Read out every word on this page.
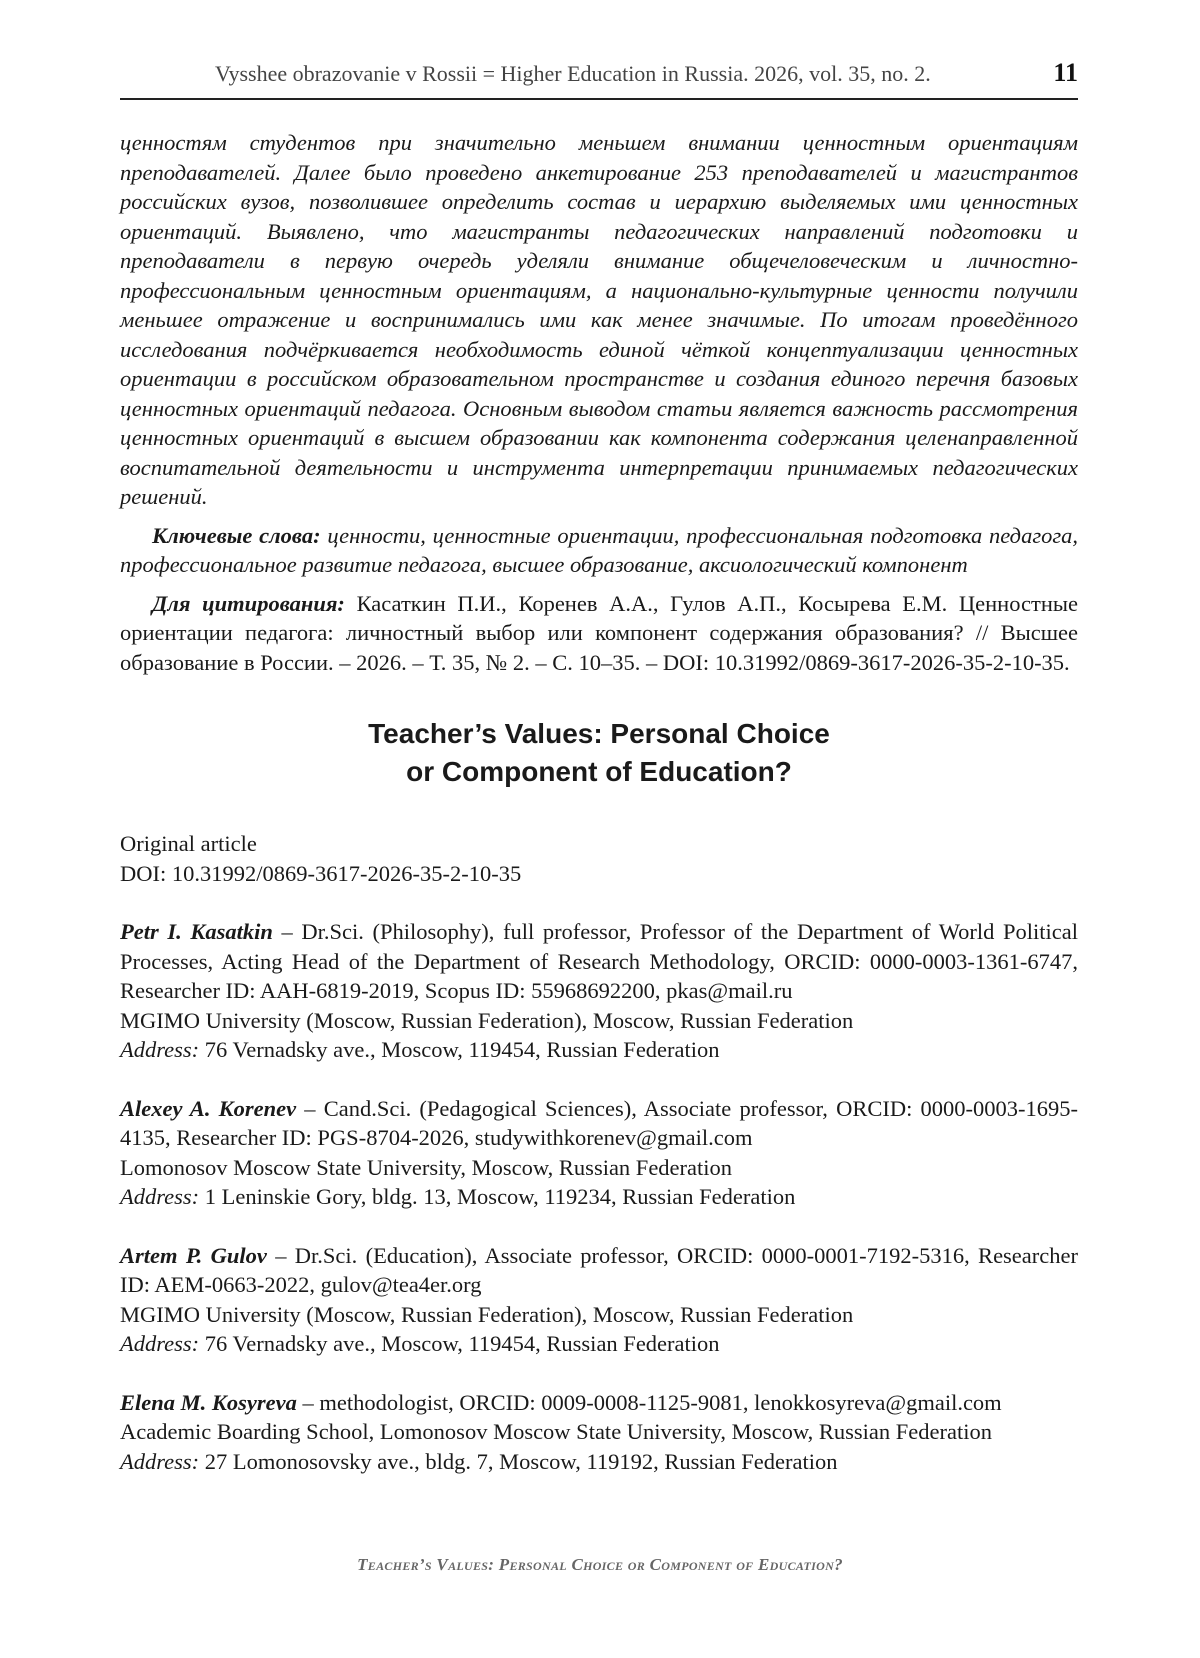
Vysshee obrazovanie v Rossii = Higher Education in Russia. 2026, vol. 35, no. 2.	11

ценностям студентов при значительно меньшем внимании ценностным ориентациям преподавателей. Далее было проведено анкетирование 253 преподавателей и магистрантов российских вузов, позволившее определить состав и иерархию выделяемых ими ценностных ориентаций. Выявлено, что магистранты педагогических направлений подготовки и преподаватели в первую очередь уделяли внимание общечеловеческим и личностно-профессиональным ценностным ориентациям, а национально-культурные ценности получили меньшее отражение и воспринимались ими как менее значимые. По итогам проведённого исследования подчёркивается необходимость единой чёткой концептуализации ценностных ориентации в российском образовательном пространстве и создания единого перечня базовых ценностных ориентаций педагога. Основным выводом статьи является важность рассмотрения ценностных ориентаций в высшем образовании как компонента содержания целенаправленной воспитательной деятельности и инструмента интерпретации принимаемых педагогических решений.

Ключевые слова: ценности, ценностные ориентации, профессиональная подготовка педагога, профессиональное развитие педагога, высшее образование, аксиологический компонент

Для цитирования: Касаткин П.И., Коренев А.А., Гулов А.П., Косырева Е.М. Ценностные ориентации педагога: личностный выбор или компонент содержания образования? // Высшее образование в России. – 2026. – Т. 35, № 2. – С. 10–35. – DOI: 10.31992/0869-3617-2026-35-2-10-35.

Teacher’s Values: Personal Choice
or Component of Education?
Original article
DOI: 10.31992/0869-3617-2026-35-2-10-35

Petr I. Kasatkin – Dr.Sci. (Philosophy), full professor, Professor of the Department of World Political Processes, Acting Head of the Department of Research Methodology, ORCID: 0000-0003-1361-6747, Researcher ID: AAH-6819-2019, Scopus ID: 55968692200, pkas@mail.ru

MGIMO University (Moscow, Russian Federation), Moscow, Russian Federation

Address: 76 Vernadsky ave., Moscow, 119454, Russian Federation

Alexey A. Korenev – Cand.Sci. (Pedagogical Sciences), Associate professor, ORCID: 0000-0003-1695-4135, Researcher ID: PGS-8704-2026, studywithkorenev@gmail.com

Lomonosov Moscow State University, Moscow, Russian Federation

Address: 1 Leninskie Gory, bldg. 13, Moscow, 119234, Russian Federation

Artem P. Gulov – Dr.Sci. (Education), Associate professor, ORCID: 0000-0001-7192-5316, Researcher ID: AEM-0663-2022, gulov@tea4er.org

MGIMO University (Moscow, Russian Federation), Moscow, Russian Federation

Address: 76 Vernadsky ave., Moscow, 119454, Russian Federation

Elena M. Kosyreva – methodologist, ORCID: 0009-0008-1125-9081, lenokkosyreva@gmail.com

Academic Boarding School, Lomonosov Moscow State University, Moscow, Russian Federation

Address: 27 Lomonosovsky ave., bldg. 7, Moscow, 119192, Russian Federation

Teacher’s Values: Personal Choice or Component of Education?
